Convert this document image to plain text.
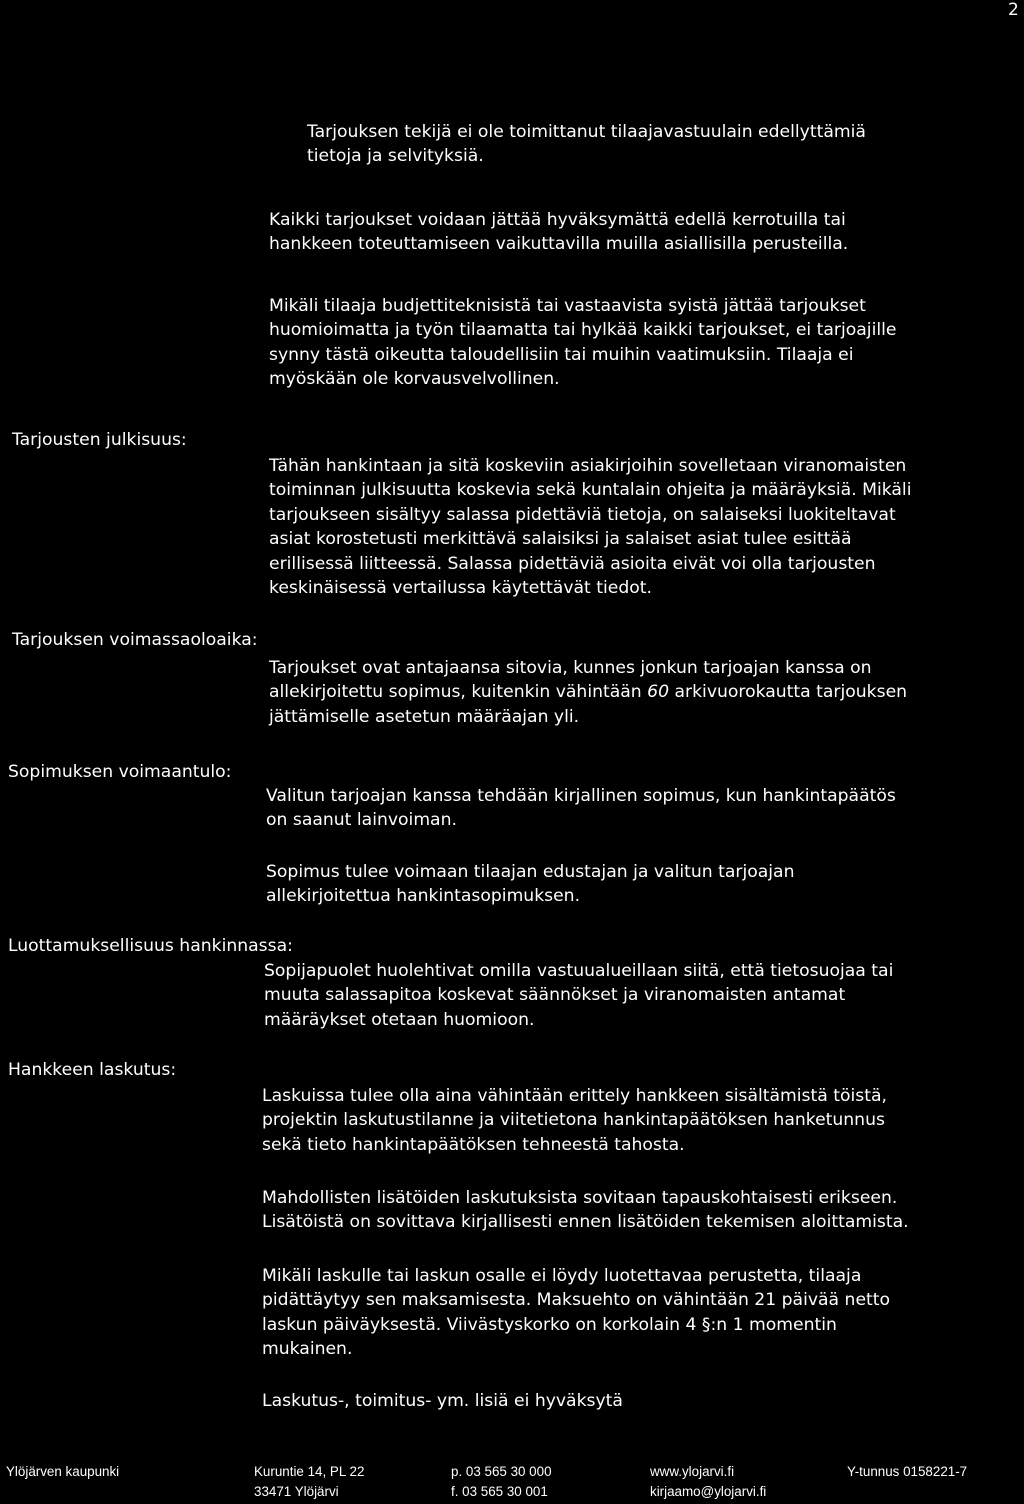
2
Tarjouksen tekijä ei ole toimittanut tilaajavastuulain edellyttämiä
tietoja ja selvityksiä.
Kaikki tarjoukset voidaan jättää hyväksymättä edellä kerrotuilla tai
hankkeen toteuttamiseen vaikuttavilla muilla asiallisilla perusteilla.
Mikäli tilaaja budjettiteknisistä tai vastaavista syistä jättää tarjoukset
huomioimatta ja työn tilaamatta tai hylkää kaikki tarjoukset, ei tarjoajille
synny tästä oikeutta taloudellisiin tai muihin vaatimuksiin. Tilaaja ei
myöskään ole korvausvelvollinen.
Tarjousten julkisuus:
Tähän hankintaan ja sitä koskeviin asiakirjoihin sovelletaan viranomaisten
toiminnan julkisuutta koskevia sekä kuntalain ohjeita ja määräyksiä. Mikäli
tarjoukseen sisältyy salassa pidettäviä tietoja, on salaiseksi luokiteltavat
asiat korostetusti merkittävä salaisiksi ja salaiset asiat tulee esittää
erillisessä liitteessä. Salassa pidettäviä asioita eivät voi olla tarjousten
keskinäisessä vertailussa käytettävät tiedot.
Tarjouksen voimassaoloaika:
Tarjoukset ovat antajaansa sitovia, kunnes jonkun tarjoajan kanssa on
allekirjoitettu sopimus, kuitenkin vähintään 60 arkivuorokautta tarjouksen
jättämiselle asetetun määräajan yli.
Sopimuksen voimaantulo:
Valitun tarjoajan kanssa tehdään kirjallinen sopimus, kun hankintapäätös
on saanut lainvoiman.
Sopimus tulee voimaan tilaajan edustajan ja valitun tarjoajan
allekirjoitettua hankintasopimuksen.
Luottamuksellisuus hankinnassa:
Sopijapuolet huolehtivat omilla vastuualueillaan siitä, että tietosuojaa tai
muuta salassapitoa koskevat säännökset ja viranomaisten antamat
määräykset otetaan huomioon.
Hankkeen laskutus:
Laskuissa tulee olla aina vähintään erittely hankkeen sisältämistä töistä,
projektin laskutustilanne ja viitetietona hankintapäätöksen hanketunnus
sekä tieto hankintapäätöksen tehneestä tahosta.
Mahdollisten lisätöiden laskutuksista sovitaan tapauskohtaisesti erikseen.
Lisätöistä on sovittava kirjallisesti ennen lisätöiden tekemisen aloittamista.
Mikäli laskulle tai laskun osalle ei löydy luotettavaa perustetta, tilaaja
pidättäytyy sen maksamisesta. Maksuehto on vähintään 21 päivää netto
laskun päiväyksestä. Viivästyskorko on korkolain 4 §:n 1 momentin
mukainen.
Laskutus-, toimitus- ym. lisiä ei hyväksytä
Ylöjärven kaupunki	Kuruntie 14, PL 22
33471 Ylöjärvi
p. 03 565 30 000
f. 03 565 30 001
www.ylojarvi.fi
kirjaamo@ylojarvi.fi
Y-tunnus 0158221-7
